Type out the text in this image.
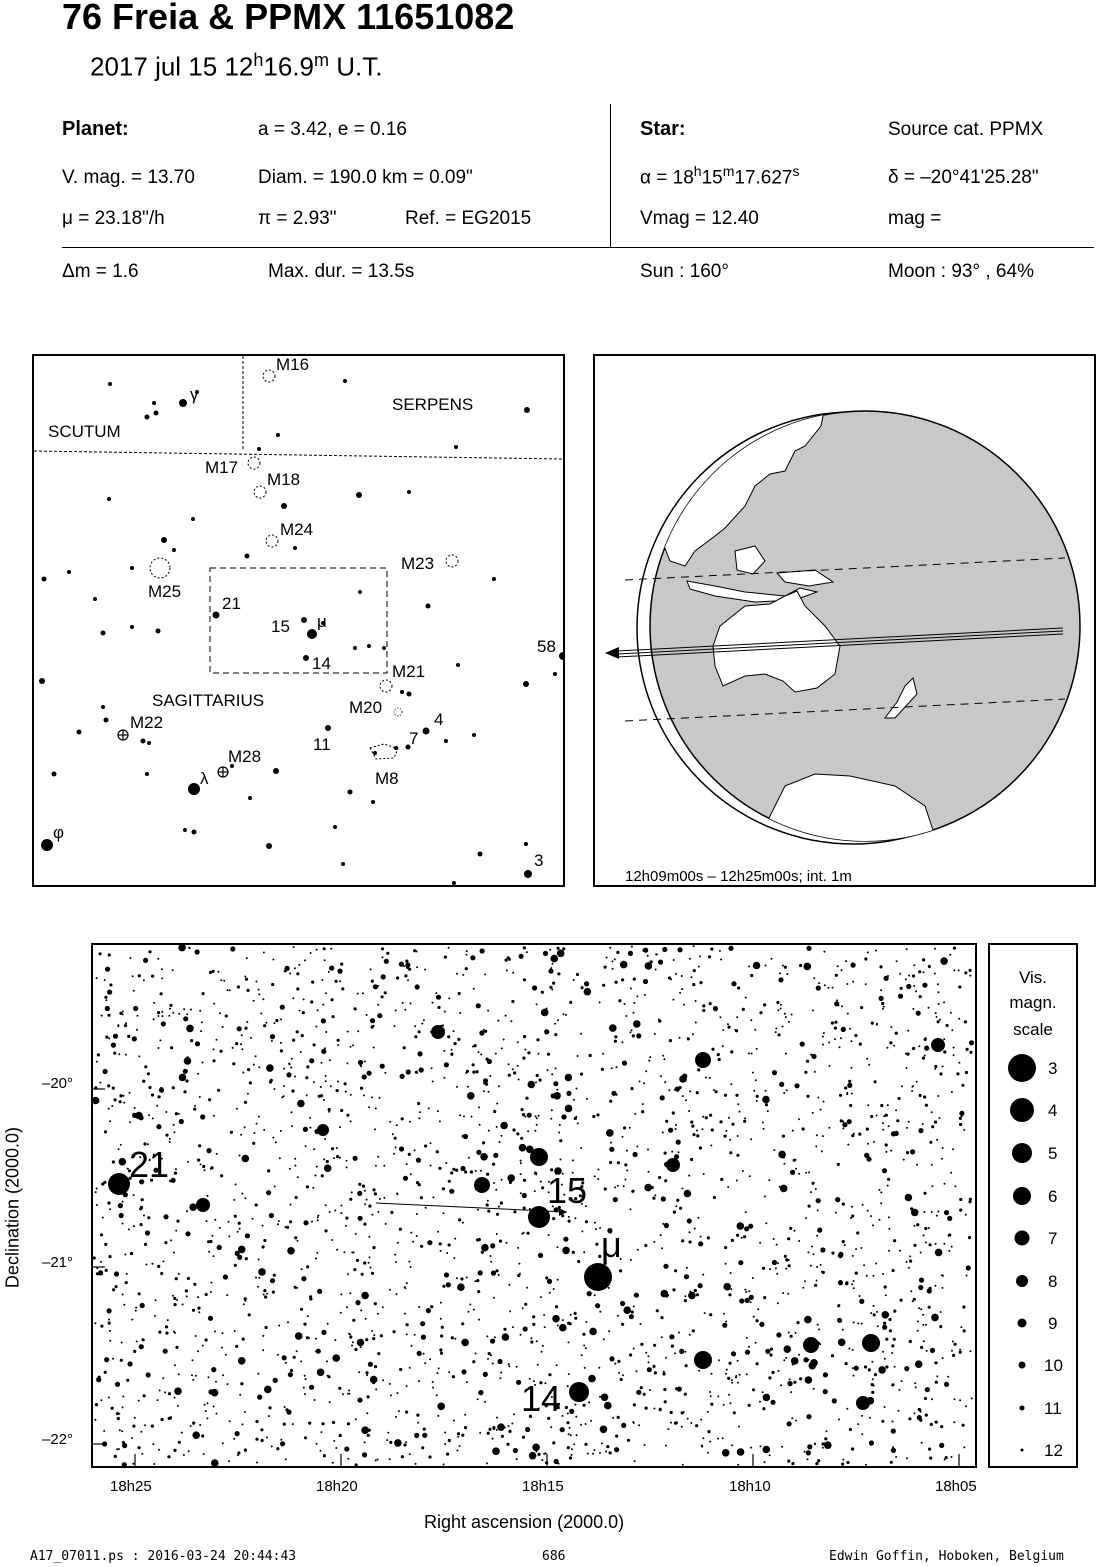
76 Freia & PPMX 11651082
2017 jul 15 12$^h$16.9$^m$ U.T.
Planet:	a = 3.42, e = 0.16
V. mag. = 13.70	Diam. = 190.0 km = 0.09"
μ = 23.18"/h	π = 2.93"	Ref. = EG2015
Star:	Source cat. PPMX
$\alpha = 18^h15^m17.627^s$	δ = –20°41'25.28"
Vmag = 12.40	mag =
Δm = 1.6	Max. dur. = 13.5s	Sun : 160°	Moon : 93° , 64%
SCUTUM
SERPENS
SAGITTARIUS
M16
M17
M18
M24
M23
M25
M21
M20
M22
M28
M8
γ
λ
φ
μ
21
15
14
11	7
4
3
58
12h09m00s – 12h25m00s; int. 1m
21
15
μ
14
–20°
–21°
–22°
18h25	18h20	18h15	18h10	18h05
Right ascension (2000.0)
Declination (2000.0)
Vis.
magn.
scale
3
4
5
6
7
8
9
10
11
12
A17_07011.ps : 2016-03-24 20:44:43	686	Edwin Goffin, Hoboken, Belgium
